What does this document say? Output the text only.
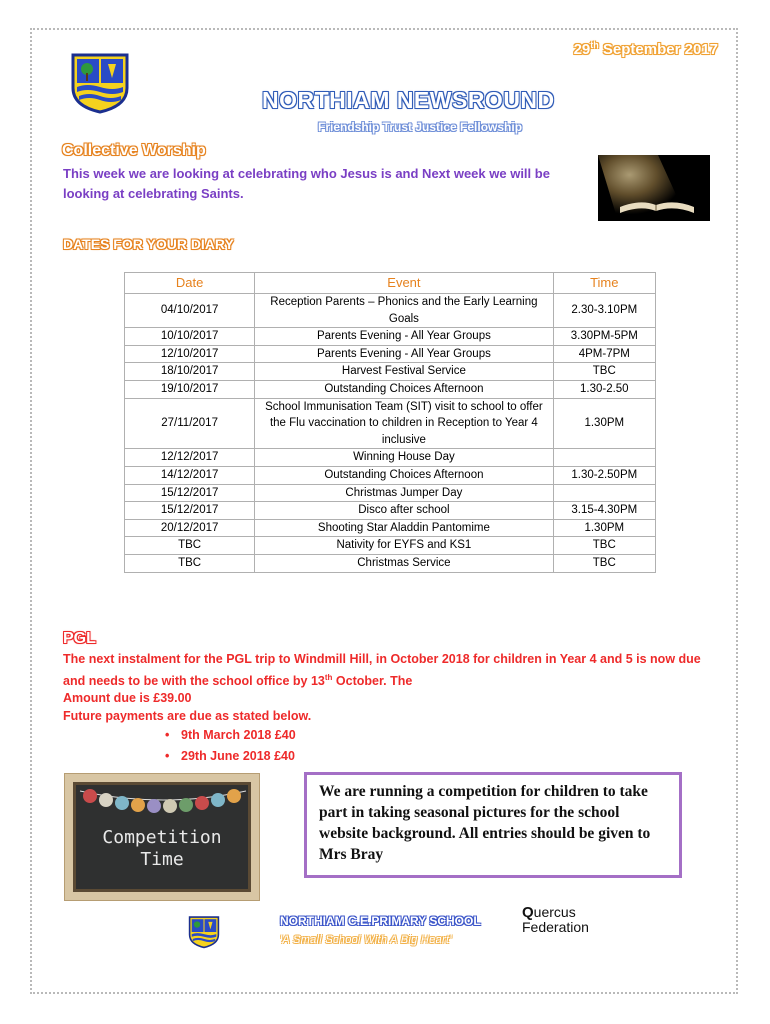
29th September 2017
NORTHIAM NEWSROUND
Friendship Trust Justice Fellowship
Collective Worship
This week we are looking at celebrating who Jesus is and Next week we will be looking at celebrating Saints.
DATES FOR YOUR DIARY
Date	Event	Time
04/10/2017	Reception Parents – Phonics and the Early Learning Goals	2.30-3.10PM
10/10/2017	Parents Evening - All Year Groups	3.30PM-5PM
12/10/2017	Parents Evening - All Year Groups	4PM-7PM
18/10/2017	Harvest Festival Service	TBC
19/10/2017	Outstanding Choices Afternoon	1.30-2.50
27/11/2017	School Immunisation Team (SIT) visit to school to offer the Flu vaccination to children in Reception to Year 4 inclusive	1.30PM
12/12/2017	Winning House Day	
14/12/2017	Outstanding Choices Afternoon	1.30-2.50PM
15/12/2017	Christmas Jumper Day	
15/12/2017	Disco after school	3.15-4.30PM
20/12/2017	Shooting Star Aladdin Pantomime	1.30PM
TBC	Nativity for EYFS and KS1	TBC
TBC	Christmas Service	TBC
PGL
The next instalment for the PGL trip to Windmill Hill, in October 2018 for children in Year 4 and 5 is now due and needs to be with the school office by 13th October. The
Amount due is £39.00
Future payments are due as stated below.
• 9th March 2018 £40
• 29th June 2018 £40
Competition
Time
We are running a competition for children to take part in taking seasonal pictures for the school website background. All entries should be given to Mrs Bray
NORTHIAM C.E.PRIMARY SCHOOL
'A Small School With A Big Heart'
Quercus
Federation
